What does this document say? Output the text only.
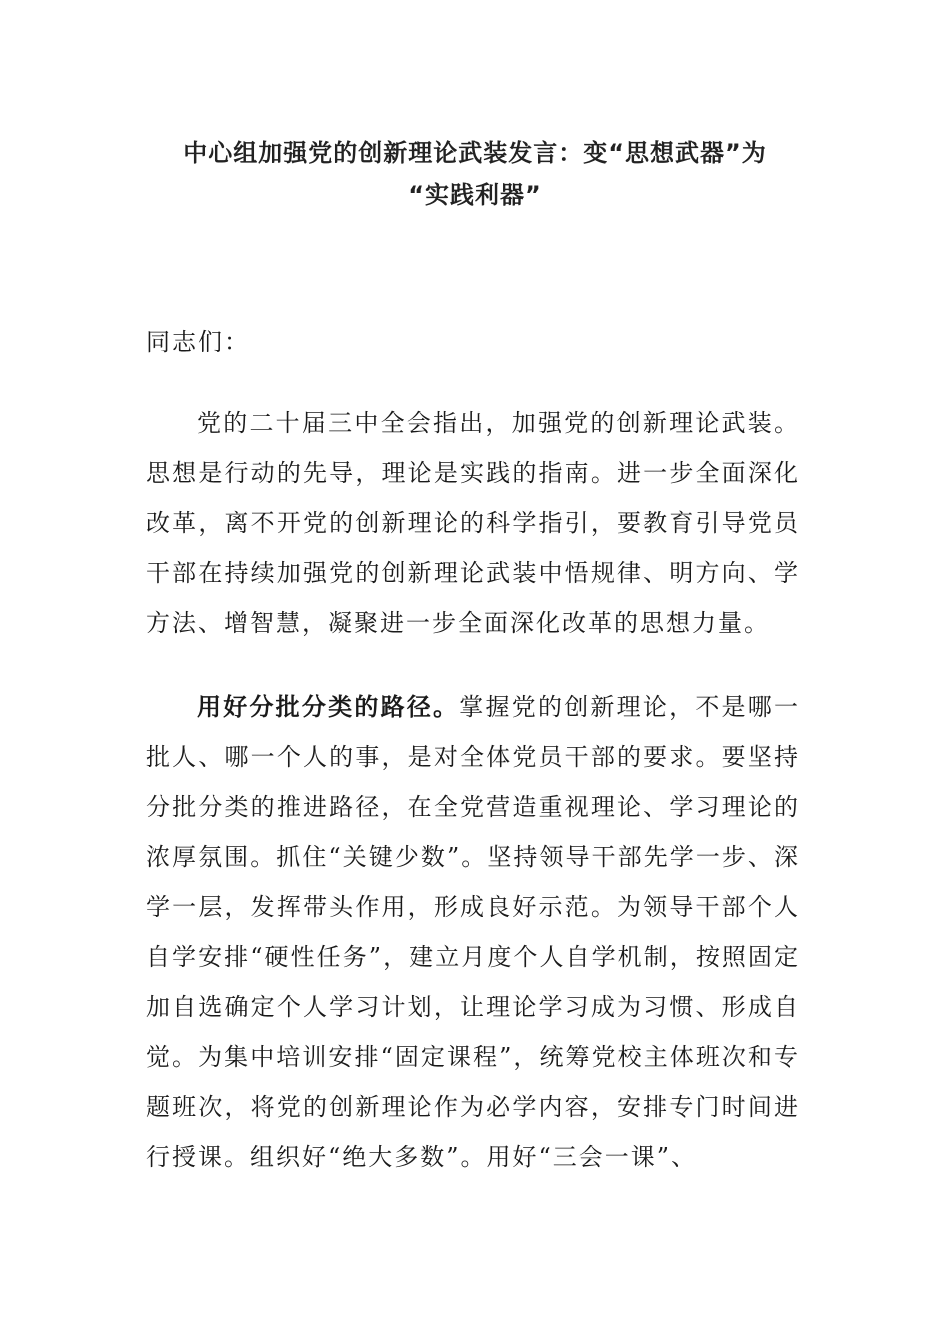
中心组加强党的创新理论武装发言：变“思想武器”为
“实践利器”

同志们：

党的二十届三中全会指出，加强党的创新理论武装。思想是行动的先导，理论是实践的指南。进一步全面深化改革，离不开党的创新理论的科学指引，要教育引导党员干部在持续加强党的创新理论武装中悟规律、明方向、学方法、增智慧，凝聚进一步全面深化改革的思想力量。

用好分批分类的路径。掌握党的创新理论，不是哪一批人、哪一个人的事，是对全体党员干部的要求。要坚持分批分类的推进路径，在全党营造重视理论、学习理论的浓厚氛围。抓住“关键少数”。坚持领导干部先学一步、深学一层，发挥带头作用，形成良好示范。为领导干部个人自学安排“硬性任务”，建立月度个人自学机制，按照固定加自选确定个人学习计划，让理论学习成为习惯、形成自觉。为集中培训安排“固定课程”，统筹党校主体班次和专题班次，将党的创新理论作为必学内容，安排专门时间进行授课。组织好“绝大多数”。用好“三会一课”、
